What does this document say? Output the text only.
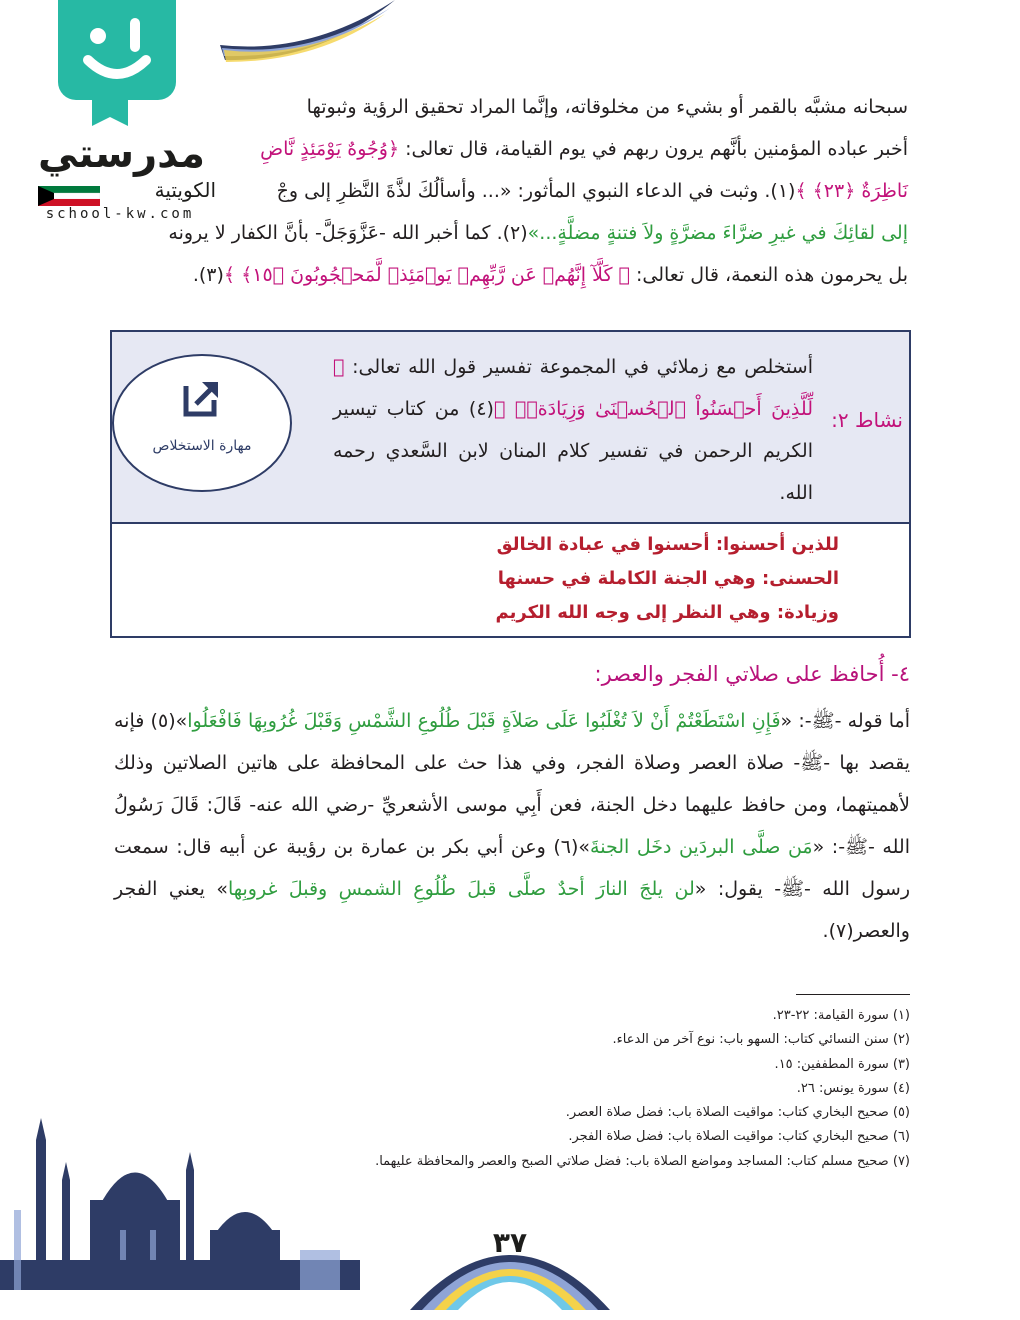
مدرستي
الكويتية
school-kw.com
سبحانه مشبَّه بالقمر أو بشيء من مخلوقاته، وإنَّما المراد تحقيق الرؤية وثبوتها
أخبر عباده المؤمنين بأنَّهم يرون ربهم في يوم القيامة، قال تعالى: ﴿وُجُوهٌ يَوْمَئِذٍ نَّاضِ
نَاظِرَةٌ ﴿٢٣﴾ ﴾(١). وثبت في الدعاء النبوي المأثور: «... وأسألُكَ لذَّةَ النَّظرِ إلى وجْ
إلى لقائِكَ في غيرِ ضرَّاءَ مضرَّةٍ ولاَ فتنةٍ مضلَّةٍ...»(٢). كما أخبر الله -عَزَّوَجَلَّ- بأنَّ الكفار لا يرونه
بل يحرمون هذه النعمة، قال تعالى: ﴿ كَلَّآ إِنَّهُمۡ عَن رَّبِّهِمۡ يَوۡمَئِذٖ لَّمَحۡجُوبُونَ ﴿١٥﴾ ﴾(٣).
نشاط ٢:
أستخلص مع زملائي في المجموعة تفسير قول الله تعالى: ﴿ لِّلَّذِينَ أَحۡسَنُواْ ٱلۡحُسۡنَىٰ وَزِيَادَةٞۖ ﴾(٤) من كتاب تيسير الكريم الرحمن في تفسير كلام المنان لابن السَّعدي رحمه الله.
مهارة الاستخلاص
للذين أحسنوا: أحسنوا في عبادة الخالق
الحسنى: وهي الجنة الكاملة في حسنها
وزيادة: وهي النظر إلى وجه الله الكريم
٤- أُحافظ على صلاتي الفجر والعصر:
أما قوله -ﷺ-: «فَإِنِ اسْتَطَعْتُمْ أَنْ لاَ تُغْلَبُوا عَلَى صَلاَةٍ قَبْلَ طُلُوعِ الشَّمْسِ وَقَبْلَ غُرُوبِهَا فَافْعَلُوا»(٥) فإنه يقصد بها -ﷺ- صلاة العصر وصلاة الفجر، وفي هذا حث على المحافظة على هاتين الصلاتين وذلك لأهميتهما، ومن حافظ عليهما دخل الجنة، فعن أَبِي موسى الأشعريِّ -رضي الله عنه- قَالَ: قَالَ رَسُولُ الله -ﷺ-: «مَن صلَّى البردَين دخَل الجنةَ»(٦) وعن أبي بكر بن عمارة بن رؤيبة عن أبيه قال: سمعت رسول الله -ﷺ- يقول: «لن يلجَ النارَ أحدٌ صلَّى قبلَ طُلُوعِ الشمسِ وقبلَ غروبِها» يعني الفجر والعصر(٧).
(١) سورة القيامة: ٢٢-٢٣.
(٢) سنن النسائي كتاب: السهو باب: نوع آخر من الدعاء.
(٣) سورة المطففين: ١٥.
(٤) سورة يونس: ٢٦.
(٥) صحيح البخاري كتاب: مواقيت الصلاة باب: فضل صلاة العصر.
(٦) صحيح البخاري كتاب: مواقيت الصلاة باب: فضل صلاة الفجر.
(٧) صحيح مسلم كتاب: المساجد ومواضع الصلاة باب: فضل صلاتي الصبح والعصر والمحافظة عليهما.
٣٧
